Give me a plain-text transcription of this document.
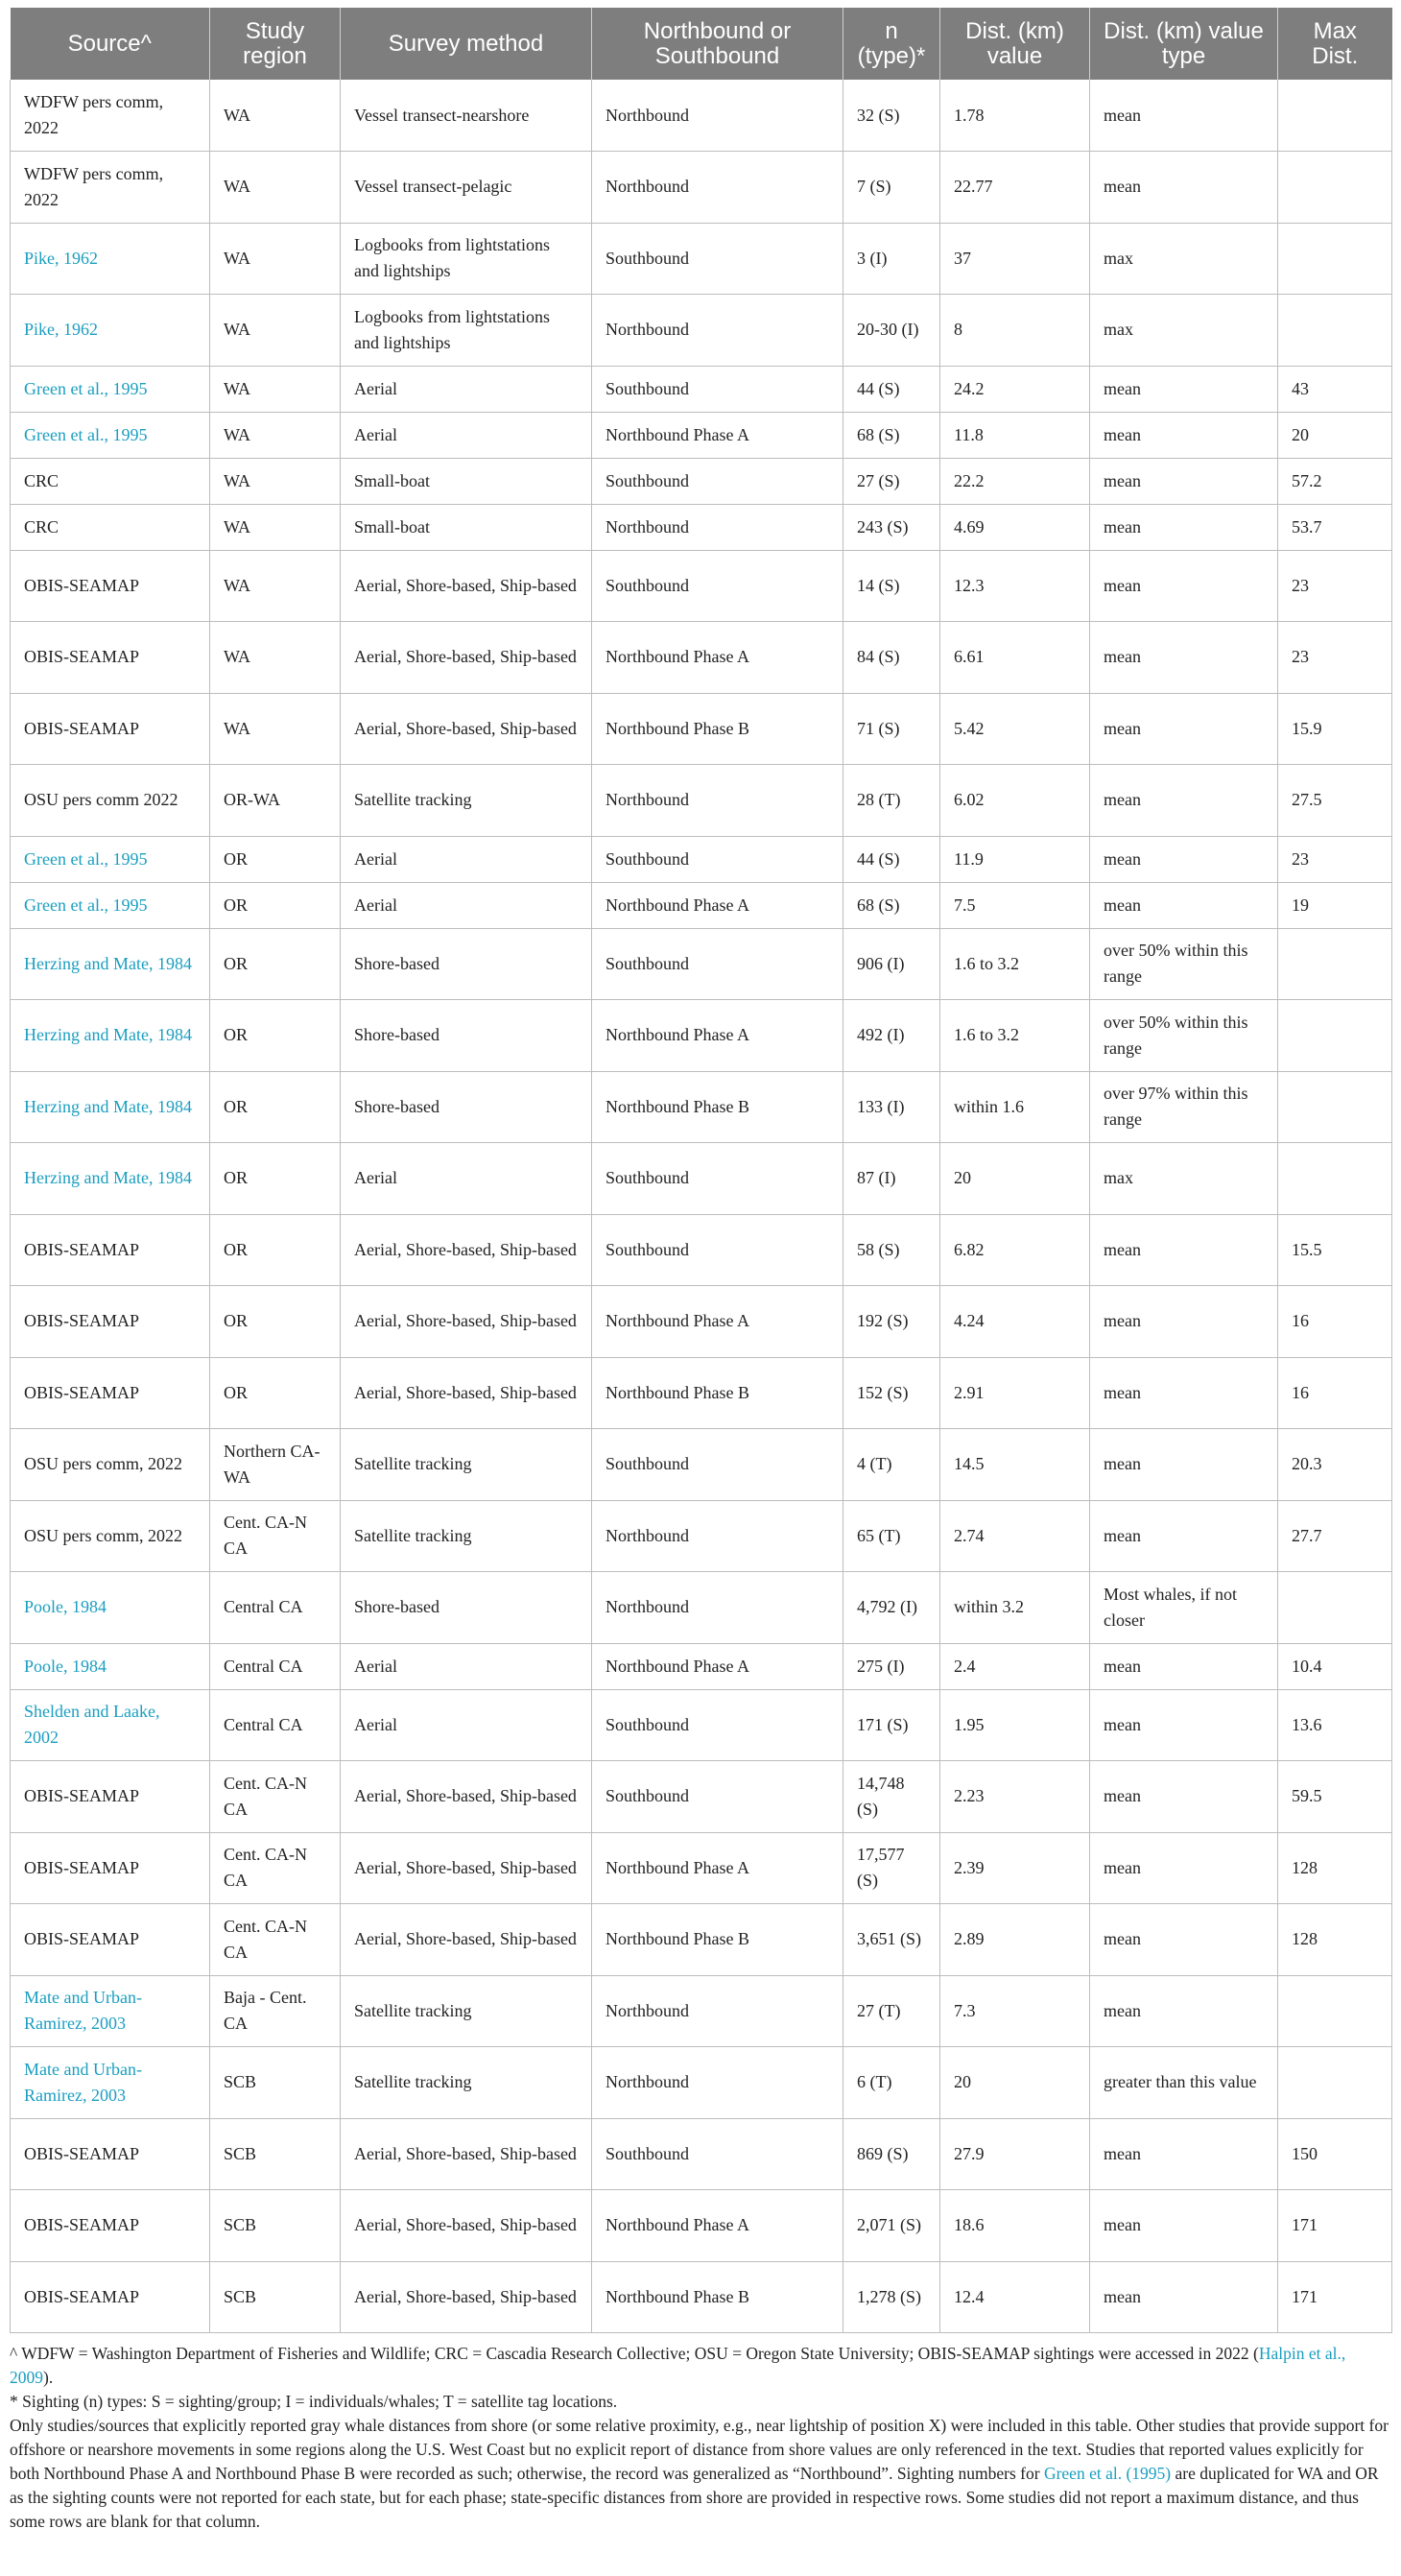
Source^	Study region	Survey method	Northbound or Southbound	n (type)*	Dist. (km) value	Dist. (km) value type	Max Dist.
WDFW pers comm, 2022	WA	Vessel transect-nearshore	Northbound	32 (S)	1.78	mean	
WDFW pers comm, 2022	WA	Vessel transect-pelagic	Northbound	7 (S)	22.77	mean	
Pike, 1962	WA	Logbooks from lightstations and lightships	Southbound	3 (I)	37	max	
Pike, 1962	WA	Logbooks from lightstations and lightships	Northbound	20-30 (I)	8	max	
Green et al., 1995	WA	Aerial	Southbound	44 (S)	24.2	mean	43
Green et al., 1995	WA	Aerial	Northbound Phase A	68 (S)	11.8	mean	20
CRC	WA	Small-boat	Southbound	27 (S)	22.2	mean	57.2
CRC	WA	Small-boat	Northbound	243 (S)	4.69	mean	53.7
OBIS-SEAMAP	WA	Aerial, Shore-based, Ship-based	Southbound	14 (S)	12.3	mean	23
OBIS-SEAMAP	WA	Aerial, Shore-based, Ship-based	Northbound Phase A	84 (S)	6.61	mean	23
OBIS-SEAMAP	WA	Aerial, Shore-based, Ship-based	Northbound Phase B	71 (S)	5.42	mean	15.9
OSU pers comm 2022	OR-WA	Satellite tracking	Northbound	28 (T)	6.02	mean	27.5
Green et al., 1995	OR	Aerial	Southbound	44 (S)	11.9	mean	23
Green et al., 1995	OR	Aerial	Northbound Phase A	68 (S)	7.5	mean	19
Herzing and Mate, 1984	OR	Shore-based	Southbound	906 (I)	1.6 to 3.2	over 50% within this range	
Herzing and Mate, 1984	OR	Shore-based	Northbound Phase A	492 (I)	1.6 to 3.2	over 50% within this range	
Herzing and Mate, 1984	OR	Shore-based	Northbound Phase B	133 (I)	within 1.6	over 97% within this range	
Herzing and Mate, 1984	OR	Aerial	Southbound	87 (I)	20	max	
OBIS-SEAMAP	OR	Aerial, Shore-based, Ship-based	Southbound	58 (S)	6.82	mean	15.5
OBIS-SEAMAP	OR	Aerial, Shore-based, Ship-based	Northbound Phase A	192 (S)	4.24	mean	16
OBIS-SEAMAP	OR	Aerial, Shore-based, Ship-based	Northbound Phase B	152 (S)	2.91	mean	16
OSU pers comm, 2022	Northern CA-WA	Satellite tracking	Southbound	4 (T)	14.5	mean	20.3
OSU pers comm, 2022	Cent. CA-N CA	Satellite tracking	Northbound	65 (T)	2.74	mean	27.7
Poole, 1984	Central CA	Shore-based	Northbound	4,792 (I)	within 3.2	Most whales, if not closer	
Poole, 1984	Central CA	Aerial	Northbound Phase A	275 (I)	2.4	mean	10.4
Shelden and Laake, 2002	Central CA	Aerial	Southbound	171 (S)	1.95	mean	13.6
OBIS-SEAMAP	Cent. CA-N CA	Aerial, Shore-based, Ship-based	Southbound	14,748 (S)	2.23	mean	59.5
OBIS-SEAMAP	Cent. CA-N CA	Aerial, Shore-based, Ship-based	Northbound Phase A	17,577 (S)	2.39	mean	128
OBIS-SEAMAP	Cent. CA-N CA	Aerial, Shore-based, Ship-based	Northbound Phase B	3,651 (S)	2.89	mean	128
Mate and Urban-Ramirez, 2003	Baja - Cent. CA	Satellite tracking	Northbound	27 (T)	7.3	mean	
Mate and Urban-Ramirez, 2003	SCB	Satellite tracking	Northbound	6 (T)	20	greater than this value	
OBIS-SEAMAP	SCB	Aerial, Shore-based, Ship-based	Southbound	869 (S)	27.9	mean	150
OBIS-SEAMAP	SCB	Aerial, Shore-based, Ship-based	Northbound Phase A	2,071 (S)	18.6	mean	171
OBIS-SEAMAP	SCB	Aerial, Shore-based, Ship-based	Northbound Phase B	1,278 (S)	12.4	mean	171

^ WDFW = Washington Department of Fisheries and Wildlife; CRC = Cascadia Research Collective; OSU = Oregon State University; OBIS-SEAMAP sightings were accessed in 2022 (Halpin et al., 2009).

* Sighting (n) types: S = sighting/group; I = individuals/whales; T = satellite tag locations.

Only studies/sources that explicitly reported gray whale distances from shore (or some relative proximity, e.g., near lightship of position X) were included in this table. Other studies that provide support for offshore or nearshore movements in some regions along the U.S. West Coast but no explicit report of distance from shore values are only referenced in the text. Studies that reported values explicitly for both Northbound Phase A and Northbound Phase B were recorded as such; otherwise, the record was generalized as “Northbound”. Sighting numbers for Green et al. (1995) are duplicated for WA and OR as the sighting counts were not reported for each state, but for each phase; state-specific distances from shore are provided in respective rows. Some studies did not report a maximum distance, and thus some rows are blank for that column.
